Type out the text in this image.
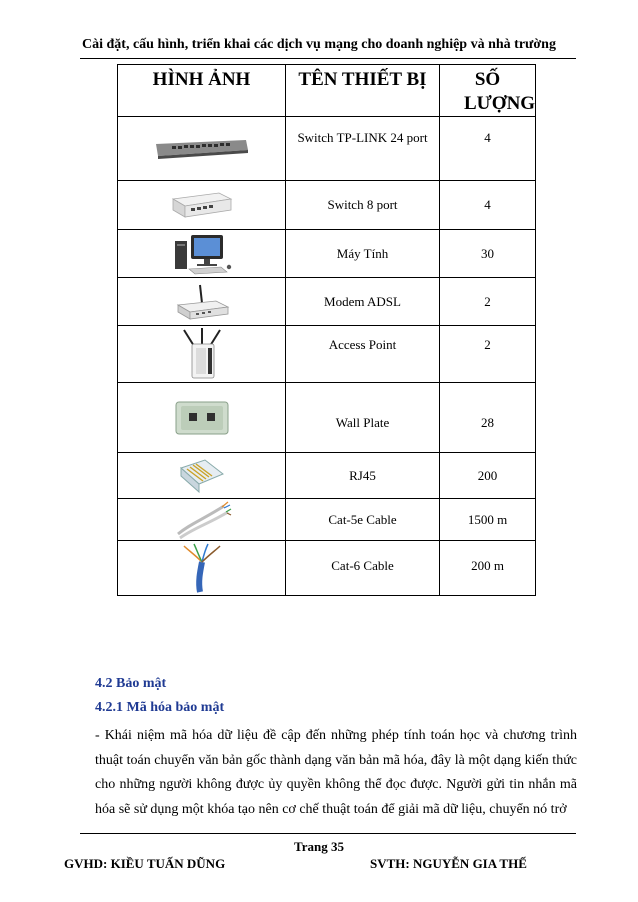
Cài đặt, cấu hình, triển khai các dịch vụ mạng cho doanh nghiệp và nhà trường
HÌNH ẢNH	TÊN THIẾT BỊ	SỐ LƯỢNG

	Switch TP-LINK 24 port	4

	Switch 8 port	4

	Máy Tính	30

	Modem ADSL	2

	Access Point	2

	Wall Plate	28

	RJ45	200

	Cat-5e Cable	1500 m

	Cat-6 Cable	200 m
4.2 Bảo mật
4.2.1 Mã hóa bảo mật

- Khái niệm mã hóa dữ liệu đề cập đến những phép tính toán học và chương trình thuật toán chuyển văn bản gốc thành dạng văn bản mã hóa, đây là một dạng kiến thức cho những người không được ủy quyền không thể đọc được. Người gửi tin nhắn mã hóa sẽ sử dụng một khóa tạo nên cơ chế thuật toán để giải mã dữ liệu, chuyển nó trở

Trang 35
GVHD: KIỀU TUẤN DŨNG	SVTH: NGUYỄN GIA THẾ
